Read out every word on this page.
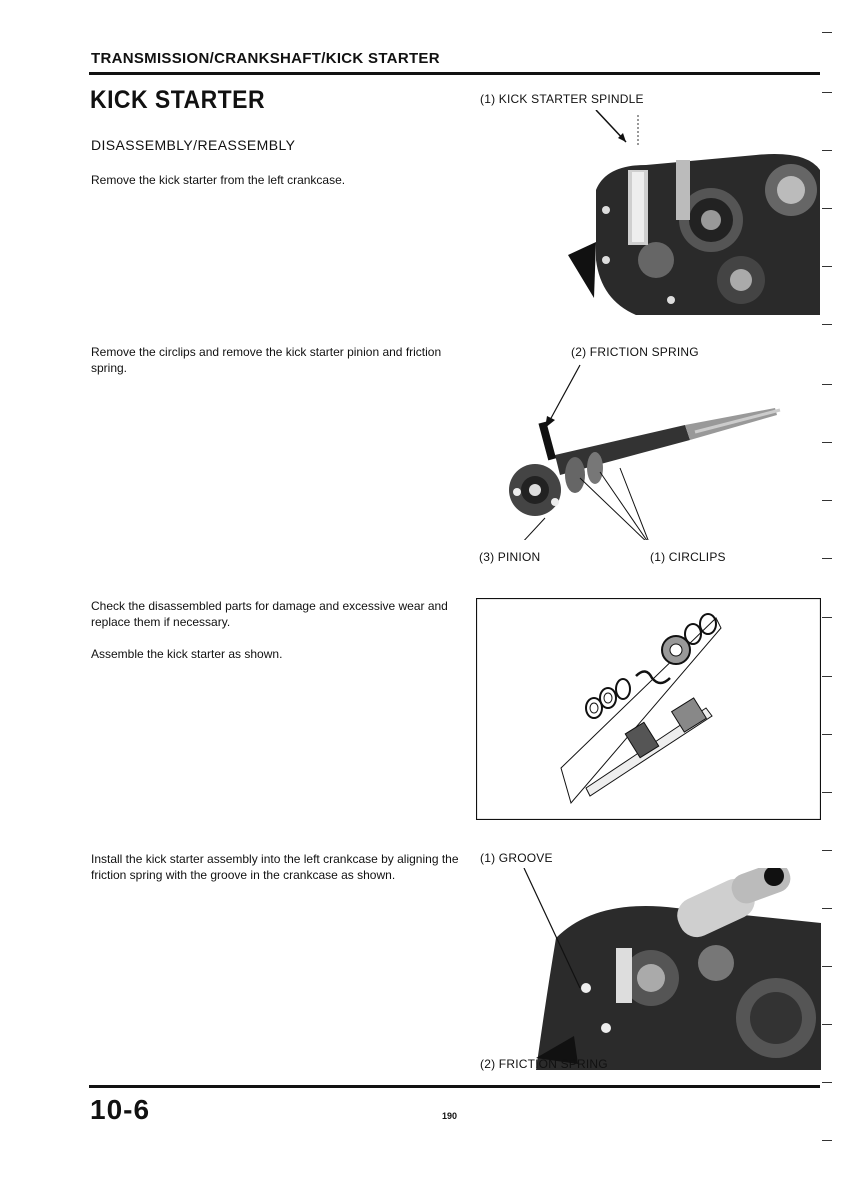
TRANSMISSION/CRANKSHAFT/KICK STARTER
KICK STARTER
DISASSEMBLY/REASSEMBLY
Remove the kick starter from the left crankcase.
(1) KICK STARTER SPINDLE
Remove the circlips and remove the kick starter pinion and friction spring.
(2) FRICTION SPRING
(3) PINION	(1) CIRCLIPS
Check the disassembled parts for damage and excessive wear and replace them if necessary.
Assemble the kick starter as shown.
Install the kick starter assembly into the left crankcase by aligning the friction spring with the groove in the crankcase as shown.
(1) GROOVE
(2) FRICTION SPRING
10-6	190
